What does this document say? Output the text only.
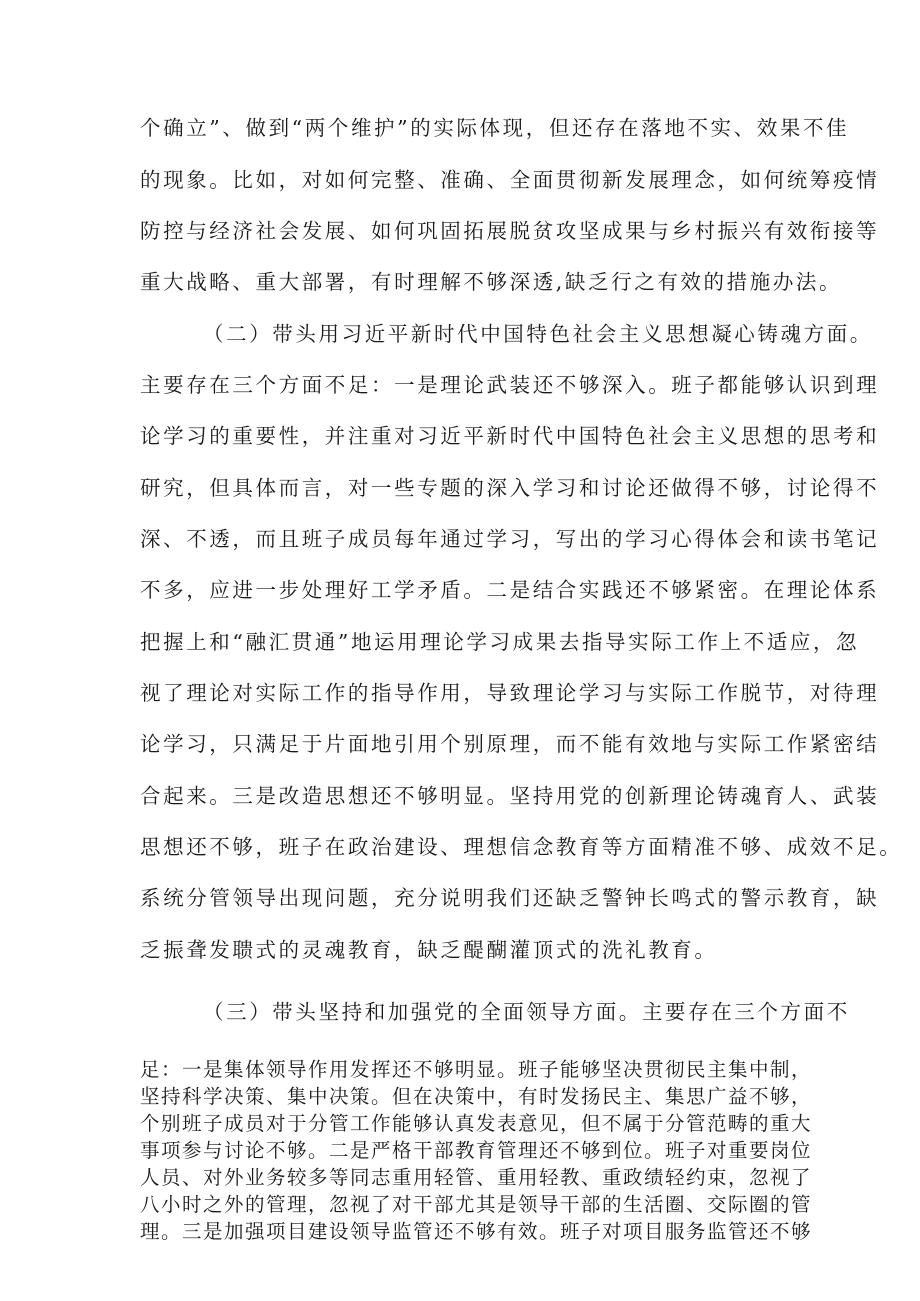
个确立”、做到“两个维护”的实际体现，但还存在落地不实、效果不佳
的现象。比如，对如何完整、准确、全面贯彻新发展理念，如何统筹疫情
防控与经济社会发展、如何巩固拓展脱贫攻坚成果与乡村振兴有效衔接等
重大战略、重大部署，有时理解不够深透,缺乏行之有效的措施办法。
（二）带头用习近平新时代中国特色社会主义思想凝心铸魂方面。
主要存在三个方面不足：一是理论武装还不够深入。班子都能够认识到理
论学习的重要性，并注重对习近平新时代中国特色社会主义思想的思考和
研究，但具体而言，对一些专题的深入学习和讨论还做得不够，讨论得不
深、不透，而且班子成员每年通过学习，写出的学习心得体会和读书笔记
不多，应进一步处理好工学矛盾。二是结合实践还不够紧密。在理论体系
把握上和“融汇贯通”地运用理论学习成果去指导实际工作上不适应，忽
视了理论对实际工作的指导作用，导致理论学习与实际工作脱节，对待理
论学习，只满足于片面地引用个别原理，而不能有效地与实际工作紧密结
合起来。三是改造思想还不够明显。坚持用党的创新理论铸魂育人、武装
思想还不够，班子在政治建设、理想信念教育等方面精准不够、成效不足。
系统分管领导出现问题，充分说明我们还缺乏警钟长鸣式的警示教育，缺
乏振聋发聩式的灵魂教育，缺乏醍醐灌顶式的洗礼教育。
（三）带头坚持和加强党的全面领导方面。主要存在三个方面不
足：一是集体领导作用发挥还不够明显。班子能够坚决贯彻民主集中制，
坚持科学决策、集中决策。但在决策中，有时发扬民主、集思广益不够，
个别班子成员对于分管工作能够认真发表意见，但不属于分管范畴的重大
事项参与讨论不够。二是严格干部教育管理还不够到位。班子对重要岗位
人员、对外业务较多等同志重用轻管、重用轻教、重政绩轻约束，忽视了
八小时之外的管理，忽视了对干部尤其是领导干部的生活圈、交际圈的管
理。三是加强项目建设领导监管还不够有效。班子对项目服务监管还不够
